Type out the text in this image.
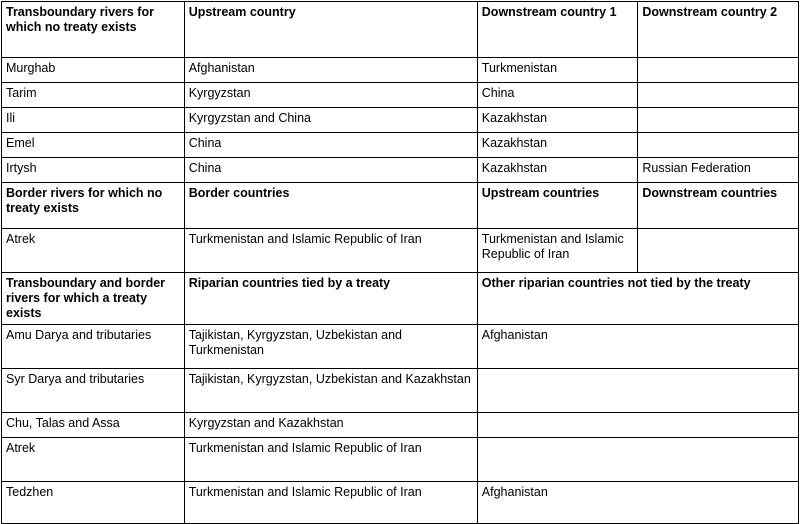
Transboundary rivers for which no treaty exists	Upstream country	Downstream country 1	Downstream country 2
Murghab	Afghanistan	Turkmenistan	
Tarim	Kyrgyzstan	China	
Ili	Kyrgyzstan and China	Kazakhstan	
Emel	China	Kazakhstan	
Irtysh	China	Kazakhstan	Russian Federation
Border rivers for which no treaty exists	Border countries	Upstream countries	Downstream countries
Atrek	Turkmenistan and Islamic Republic of Iran	Turkmenistan and Islamic Republic of Iran	
Transboundary and border rivers for which a treaty exists	Riparian countries tied by a treaty	Other riparian countries not tied by the treaty	
Amu Darya and tributaries	Tajikistan, Kyrgyzstan, Uzbekistan and Turkmenistan	Afghanistan	
Syr Darya and tributaries	Tajikistan, Kyrgyzstan, Uzbekistan and Kazakhstan		
Chu, Talas and Assa	Kyrgyzstan and Kazakhstan		
Atrek	Turkmenistan and Islamic Republic of Iran		
Tedzhen	Turkmenistan and Islamic Republic of Iran	Afghanistan	
